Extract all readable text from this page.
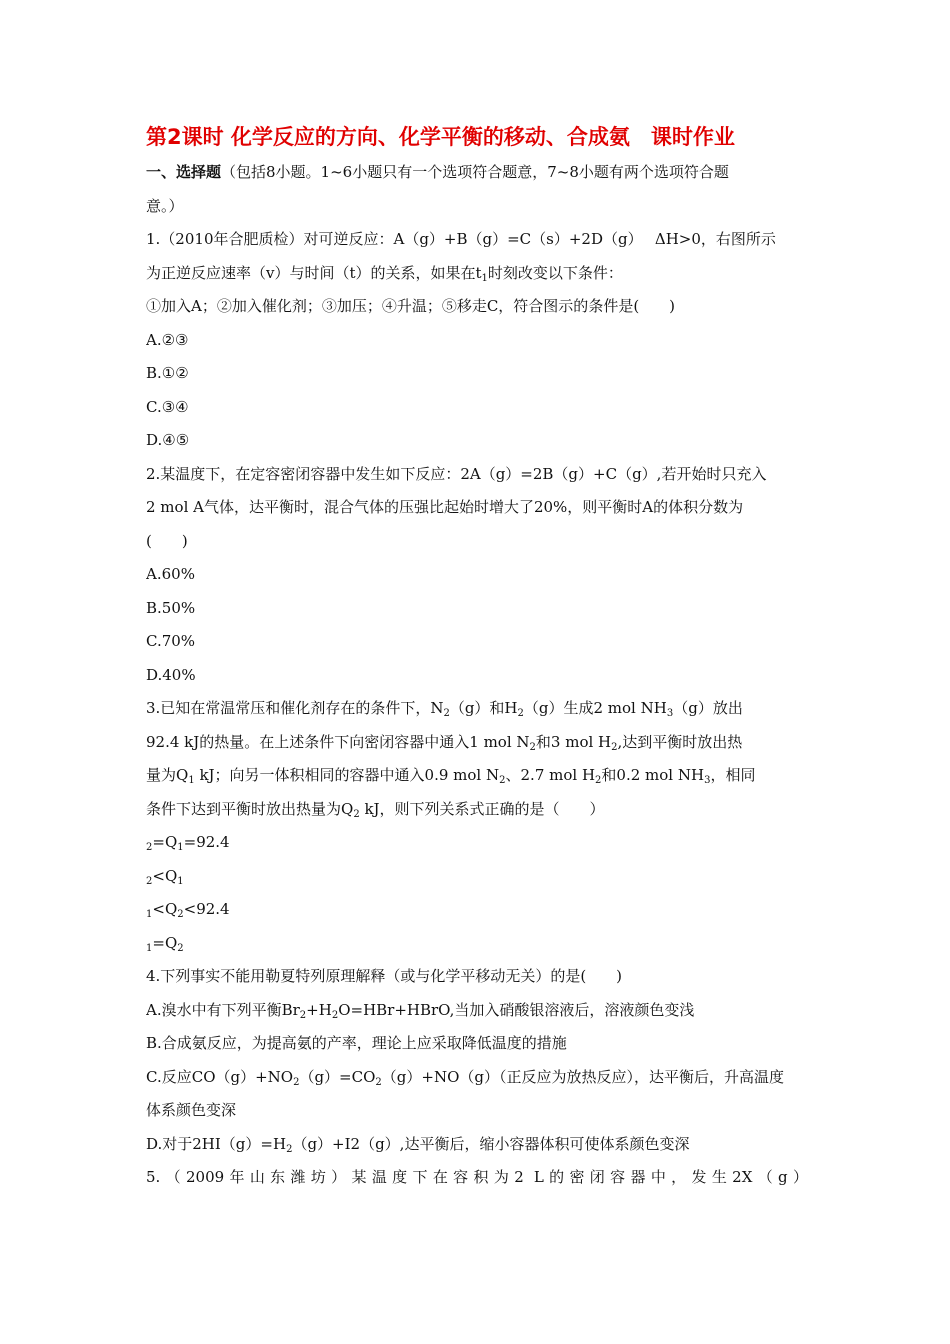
第2课时 化学反应的方向、化学平衡的移动、合成氨　课时作业
一、选择题（包括8小题。1~6小题只有一个选项符合题意，7~8小题有两个选项符合题
意。）
1.（2010年合肥质检）对可逆反应：A（g）+B（g）=C（s）+2D（g）　 ΔH>0，右图所示
为正逆反应速率（v）与时间（t）的关系，如果在$t_1$时刻改变以下条件：
①加入A；②加入催化剂；③加压；④升温；⑤移走C，符合图示的条件是(　　)
A.②③
B.①②
C.③④
D.④⑤
2.某温度下，在定容密闭容器中发生如下反应：2A（g）=2B（g）+C（g）,若开始时只充入
2 mol A气体，达平衡时，混合气体的压强比起始时增大了20%，则平衡时A的体积分数为
(　　)
A.60%
B.50%
C.70%
D.40%
3.已知在常温常压和催化剂存在的条件下，$N_2(g)$和$H_2(g)$生成2 mol $NH_3(g)$放出
92.4 kJ的热量。在上述条件下向密闭容器中通入1 mol $N_2$和3 mol $H_2$,达到平衡时放出热
量为$Q_1$ kJ；向另一体积相同的容器中通入0.9 mol $N_2$、2.7 mol $H_2$和0.2 mol $NH_3$，相同
条件下达到平衡时放出热量为$Q_2$ kJ，则下列关系式正确的是（　　）
$_2=Q_1=92.4$
$_2<Q_1$
$_1<Q_2<92.4$
$_1=Q_2$
4.下列事实不能用勒夏特列原理解释（或与化学平移动无关）的是(　　)
A.溴水中有下列平衡$Br_2+H_2O=HBr+HBrO$,当加入硝酸银溶液后，溶液颜色变浅
B.合成氨反应，为提高氨的产率，理论上应采取降低温度的措施
C.反应$CO(g)+NO_2(g)=CO_2(g)+NO(g)$（正反应为放热反应），达平衡后，升高温度
体系颜色变深
D.对于$2HI(g)=H_2(g)+I2(g)$,达平衡后，缩小容器体积可使体系颜色变深
5.（2009年山东潍坊）某温度下在容积为2 L的密闭容器中，发生2X（g）
